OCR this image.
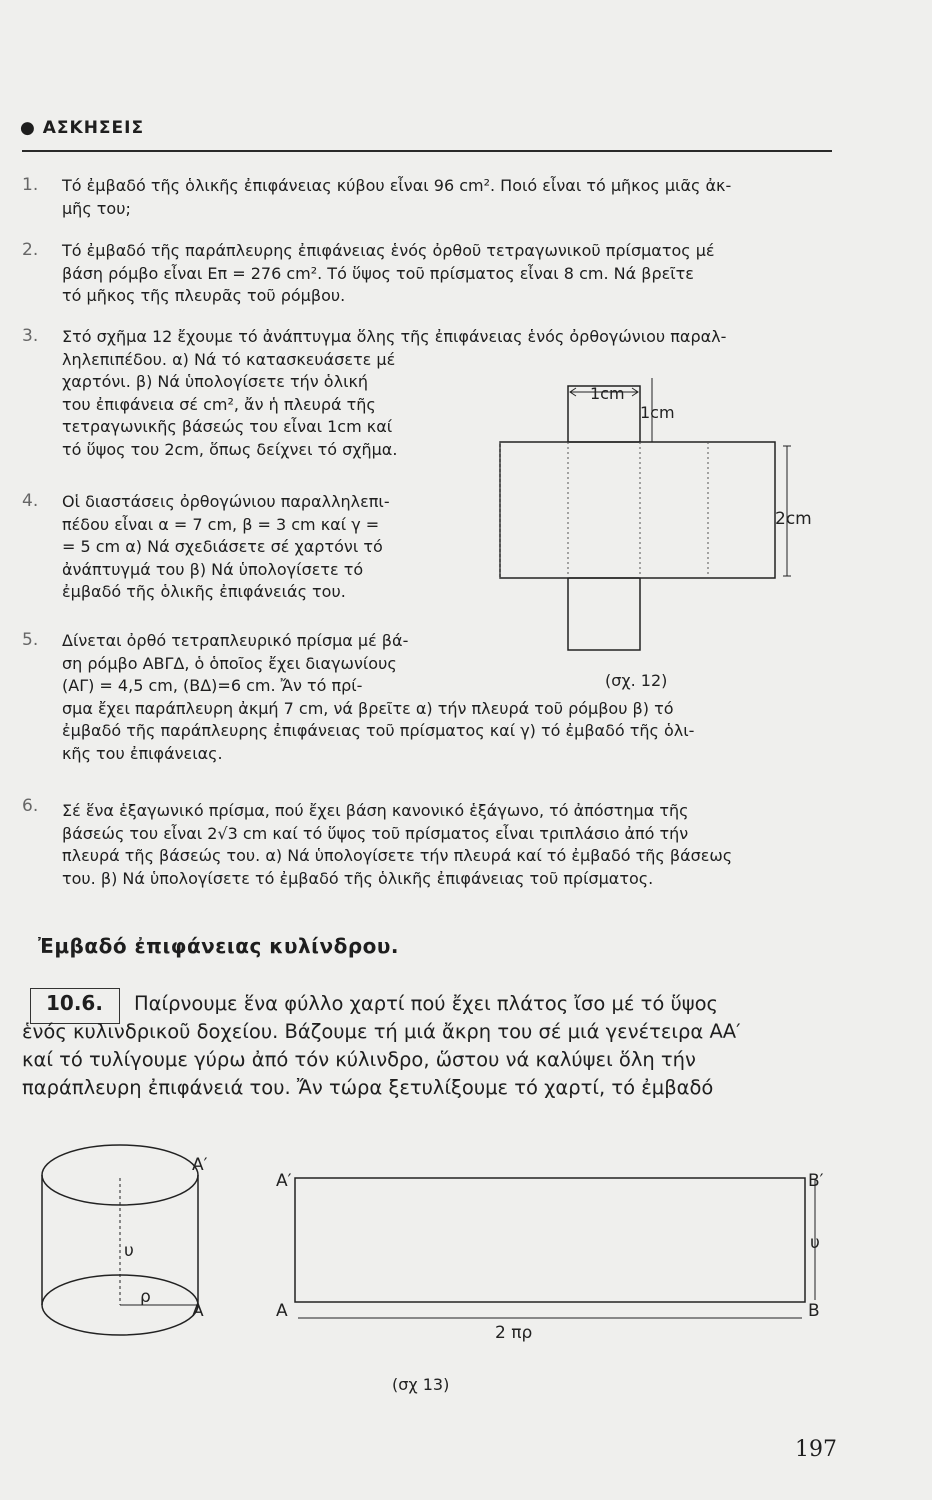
● ΑΣΚΗΣΕΙΣ
1. Τό ἐμβαδό τῆς ὁλικῆς ἐπιφάνειας κύβου εἶναι 96 cm². Ποιό εἶναι τό μῆκος μιᾶς ἀκ-
μῆς του;
2. Τό ἐμβαδό τῆς παράπλευρης ἐπιφάνειας ἑνός ὀρθοῦ τετραγωνικοῦ πρίσματος μέ
βάση ρόμβο εἶναι Επ = 276 cm². Τό ὕψος τοῦ πρίσματος εἶναι 8 cm. Νά βρεῖτε
τό μῆκος τῆς πλευρᾶς τοῦ ρόμβου.
3. Στό σχῆμα 12 ἔχουμε τό ἀνάπτυγμα ὅλης τῆς ἐπιφάνειας ἑνός ὀρθογώνιου παραλ-
ληλεπιπέδου. α) Νά τό κατασκευάσετε μέ
χαρτόνι. β) Νά ὑπολογίσετε τήν ὁλική
του ἐπιφάνεια σέ cm², ἄν ἡ πλευρά τῆς
τετραγωνικῆς βάσεώς του εἶναι 1cm καί
τό ὕψος του 2cm, ὅπως δείχνει τό σχῆμα.
4. Οἱ διαστάσεις ὀρθογώνιου παραλληλεπι-
πέδου εἶναι α = 7 cm, β = 3 cm καί γ =
= 5 cm α) Νά σχεδιάσετε σέ χαρτόνι τό
ἀνάπτυγμά του β) Νά ὑπολογίσετε τό
ἐμβαδό τῆς ὁλικῆς ἐπιφάνειάς του.
5. Δίνεται ὀρθό τετραπλευρικό πρίσμα μέ βά-
ση ρόμβο ΑΒΓΔ, ὁ ὁποῖος ἔχει διαγωνίους
(ΑΓ) = 4,5 cm, (ΒΔ)=6 cm. Ἄν τό πρί-
σμα ἔχει παράπλευρη ἀκμή 7 cm, νά βρεῖτε α) τήν πλευρά τοῦ ρόμβου β) τό
ἐμβαδό τῆς παράπλευρης ἐπιφάνειας τοῦ πρίσματος καί γ) τό ἐμβαδό τῆς ὁλι-
κῆς του ἐπιφάνειας.
6. Σέ ἕνα ἑξαγωνικό πρίσμα, πού ἔχει βάση κανονικό ἑξάγωνο, τό ἀπόστημα τῆς
βάσεώς του εἶναι 2√3 cm καί τό ὕψος τοῦ πρίσματος εἶναι τριπλάσιο ἀπό τήν
πλευρά τῆς βάσεώς του. α) Νά ὑπολογίσετε τήν πλευρά καί τό ἐμβαδό τῆς βάσεως
του. β) Νά ὑπολογίσετε τό ἐμβαδό τῆς ὁλικῆς ἐπιφάνειας τοῦ πρίσματος.
1cm
1cm
2cm
(σχ. 12)
Ἐμβαδό ἐπιφάνειας κυλίνδρου.
10.6.	Παίρνουμε ἕνα φύλλο χαρτί πού ἔχει πλάτος ἴσο μέ τό ὕψος
ἑνός κυλινδρικοῦ δοχείου. Βάζουμε τή μιά ἄκρη του σέ μιά γενέτειρα ΑΑ′
καί τό τυλίγουμε γύρω ἀπό τόν κύλινδρο, ὥστου νά καλύψει ὅλη τήν
παράπλευρη ἐπιφάνειά του. Ἄν τώρα ξετυλίξουμε τό χαρτί, τό ἐμβαδό
Α′
Α
υ
ρ
Α′
Α
Β′
Β
υ
2 πρ
(σχ 13)
197
